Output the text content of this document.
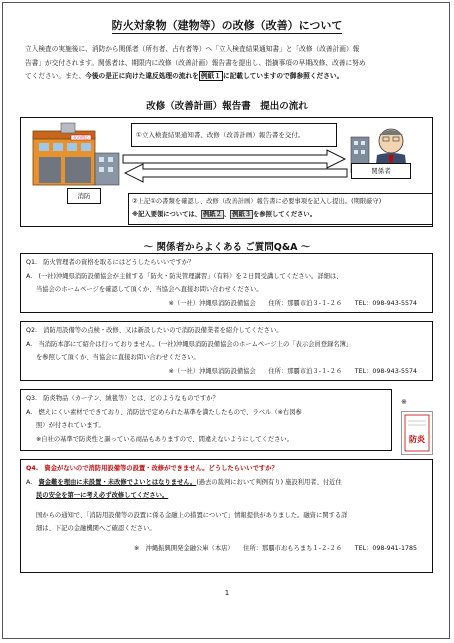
防火対象物（建物等）の改修（改善）について
立入検査の実施後に、消防から関係者（所有者、占有者等）へ「立入検査結果通知書」と「改修（改善計画）報
告書」が交付されます。関係者は、期限内に改修（改善計画）報告書を提出し、指摘事項の早期改修、改善に努め
てください。また、今後の是正に向けた違反処理の流れを 例紙１ に記載していますので御参照ください。
改修（改善計画）報告書　提出の流れ
火の用心
消防
①立入検査結果通知書、改修（改善計画）報告書を交付。
関係者
②上記①の書類を確認し、改修（改善計画）報告書に必要事項を記入し提出。(期限厳守)
※記入要領については、 例紙２ 、 例紙３ を参照してください。
～ 関係者からよくある ご質問Q&A ～
Q1.　防火管理者の資格を取るにはどうしたらいいですか？
A.　(一社)沖縄県消防設備協会が主催する「防火・防災管理講習」（有料）を２日間受講してください。詳細は、
当協会のホームページを確認して頂くか、当協会へ直接お問い合わせください。
※（一社）沖縄県消防設備協会　　住所：那覇市泊３-１-２６　　TEL：098-943-5574
Q2.　消防用設備等の点検・改修、又は新設したいので消防設備業者を紹介してください。
A.　当消防本部にて紹介は行っておりません。(一社)沖縄県消防設備協会のホームページ上の「表示会員登録名簿」
を参照して頂くか、当協会に直接お問い合わせください。
※（一社）沖縄県消防設備協会　　住所：那覇市泊３-１-２６　　TEL：098-943-5574
Q3.　防炎物品（カーテン、絨毯等）とは、どのようなものですか？
A.　燃えにくい素材でできており、消防法で定められた基準を満たしたもので、ラベル（※右図参
照）が付されています。
※自社の基準で防炎性と謳っている商品もありますので、間違えないようにしてください。
※
防炎
Q4.　資金がないので消防用設備等の設置・改修ができません。どうしたらいいですか？
A.　資金難を理由に未設置・未改修でよいとはなりません。(過去の裁判において判例有り) 施設利用者、付近住
民の安全を第一に考え必ず改修してください。
国からの通知で、「消防用設備等の設置に係る金融上の措置について」情報提供がありました。融資に関する詳
細は、下記の金融機関へご確認ください。
※　沖縄振興開発金融公庫（本店）　　住所：那覇市おもろまち１-２-２６　　TEL：098-941-1785
1
